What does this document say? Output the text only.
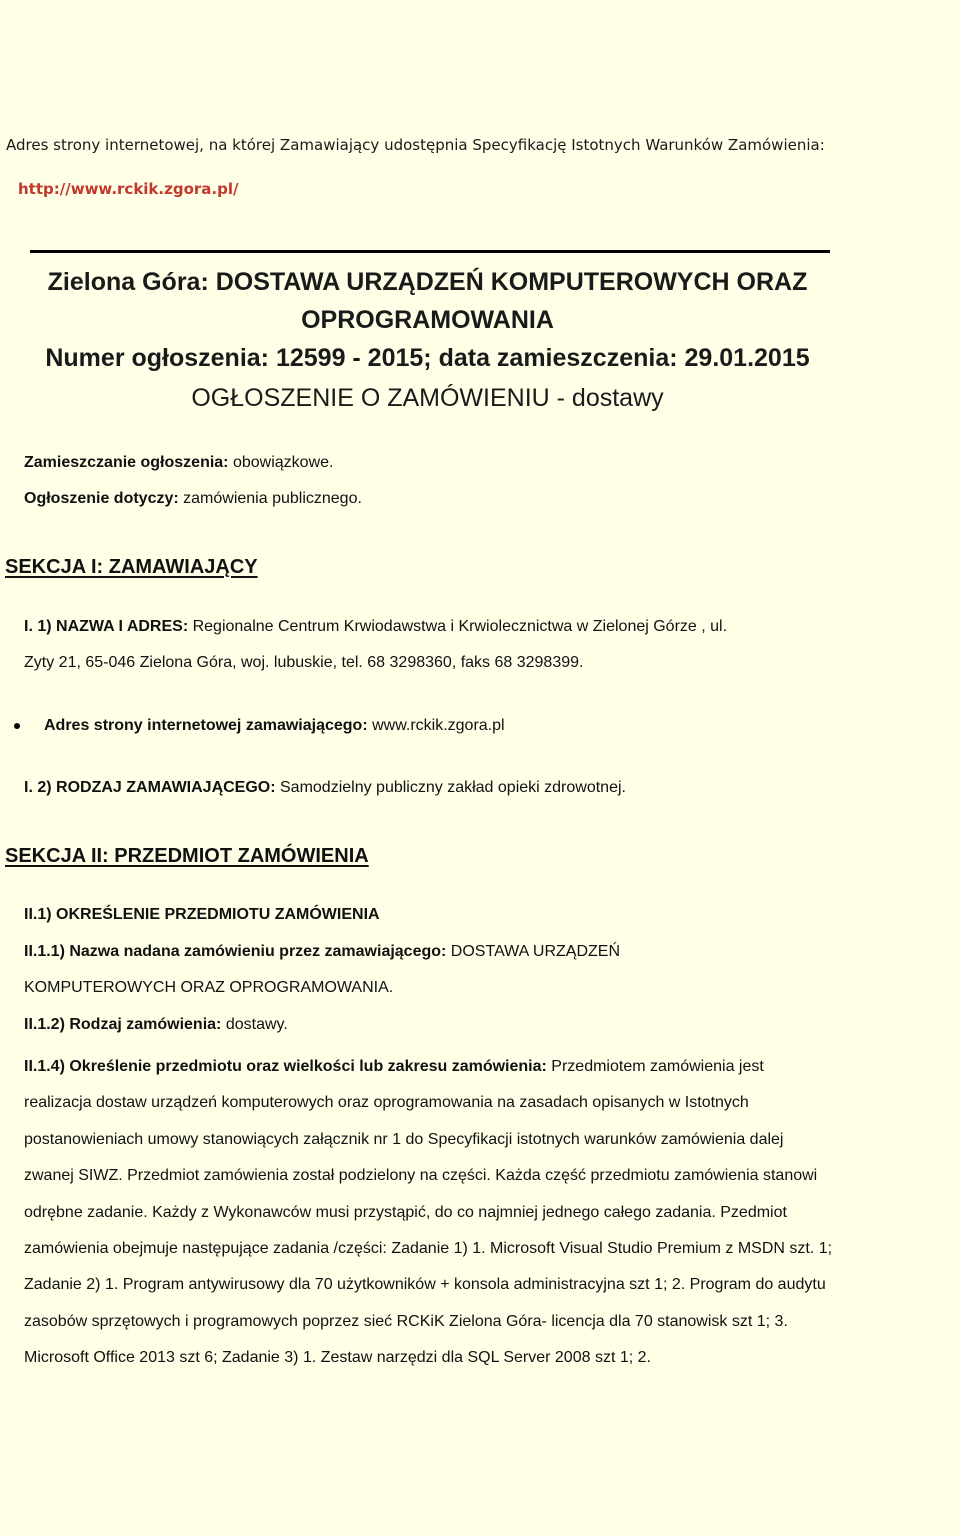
Adres strony internetowej, na której Zamawiający udostępnia Specyfikację Istotnych Warunków Zamówienia:
http://www.rckik.zgora.pl/
Zielona Góra: DOSTAWA URZĄDZEŃ KOMPUTEROWYCH ORAZ
OPROGRAMOWANIA
Numer ogłoszenia: 12599 - 2015; data zamieszczenia: 29.01.2015
OGŁOSZENIE O ZAMÓWIENIU - dostawy
Zamieszczanie ogłoszenia: obowiązkowe.
Ogłoszenie dotyczy: zamówienia publicznego.
SEKCJA I: ZAMAWIAJĄCY
I. 1) NAZWA I ADRES: Regionalne Centrum Krwiodawstwa i Krwiolecznictwa w Zielonej Górze , ul.
Zyty 21, 65-046 Zielona Góra, woj. lubuskie, tel. 68 3298360, faks 68 3298399.
Adres strony internetowej zamawiającego: www.rckik.zgora.pl
I. 2) RODZAJ ZAMAWIAJĄCEGO: Samodzielny publiczny zakład opieki zdrowotnej.
SEKCJA II: PRZEDMIOT ZAMÓWIENIA
II.1) OKREŚLENIE PRZEDMIOTU ZAMÓWIENIA
II.1.1) Nazwa nadana zamówieniu przez zamawiającego: DOSTAWA URZĄDZEŃ
KOMPUTEROWYCH ORAZ OPROGRAMOWANIA.
II.1.2) Rodzaj zamówienia: dostawy.
II.1.4) Określenie przedmiotu oraz wielkości lub zakresu zamówienia: Przedmiotem zamówienia jest realizacja dostaw urządzeń komputerowych oraz oprogramowania na zasadach opisanych w Istotnych postanowieniach umowy stanowiących załącznik nr 1 do Specyfikacji istotnych warunków zamówienia dalej zwanej SIWZ. Przedmiot zamówienia został podzielony na części. Każda część przedmiotu zamówienia stanowi odrębne zadanie. Każdy z Wykonawców musi przystąpić, do co najmniej jednego całego zadania. Pzedmiot zamówienia obejmuje następujące zadania /części: Zadanie 1) 1. Microsoft Visual Studio Premium z MSDN szt. 1; Zadanie 2) 1. Program antywirusowy dla 70 użytkowników + konsola administracyjna szt 1; 2. Program do audytu zasobów sprzętowych i programowych poprzez sieć RCKiK Zielona Góra- licencja dla 70 stanowisk szt 1; 3. Microsoft Office 2013 szt 6; Zadanie 3) 1. Zestaw narzędzi dla SQL Server 2008 szt 1; 2.
